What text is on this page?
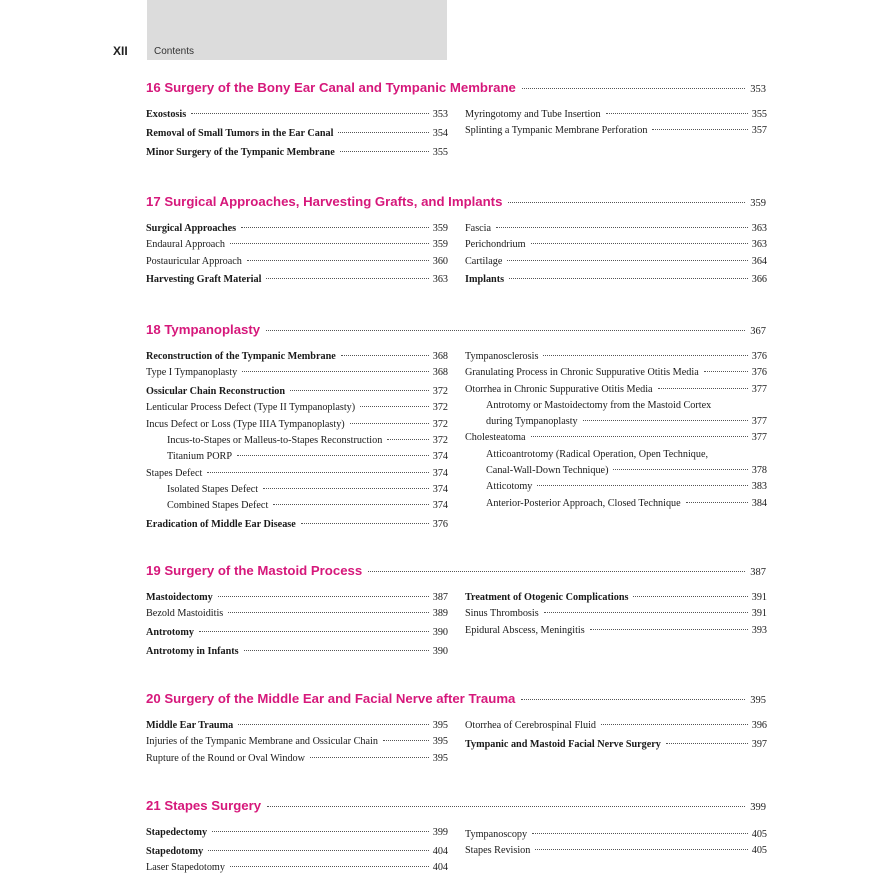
XII	Contents
16 Surgery of the Bony Ear Canal and Tympanic Membrane	353
Exostosis	353
Removal of Small Tumors in the Ear Canal	354
Minor Surgery of the Tympanic Membrane	355
Myringotomy and Tube Insertion	355
Splinting a Tympanic Membrane Perforation	357
17 Surgical Approaches, Harvesting Grafts, and Implants	359
Surgical Approaches	359
Endaural Approach	359
Postauricular Approach	360
Harvesting Graft Material	363
Fascia	363
Perichondrium	363
Cartilage	364
Implants	366
18 Tympanoplasty	367
Reconstruction of the Tympanic Membrane	368
Type I Tympanoplasty	368
Ossicular Chain Reconstruction	372
Lenticular Process Defect (Type II Tympanoplasty)	372
Incus Defect or Loss (Type IIIA Tympanoplasty)	372
Incus-to-Stapes or Malleus-to-Stapes Reconstruction	372
Titanium PORP	374
Stapes Defect	374
Isolated Stapes Defect	374
Combined Stapes Defect	374
Eradication of Middle Ear Disease	376
Tympanosclerosis	376
Granulating Process in Chronic Suppurative Otitis Media	376
Otorrhea in Chronic Suppurative Otitis Media	377
Antrotomy or Mastoidectomy from the Mastoid Cortex
during Tympanoplasty	377
Cholesteatoma	377
Atticoantrotomy (Radical Operation, Open Technique,
Canal-Wall-Down Technique)	378
Atticotomy	383
Anterior-Posterior Approach, Closed Technique	384
19 Surgery of the Mastoid Process	387
Mastoidectomy	387
Bezold Mastoiditis	389
Antrotomy	390
Antrotomy in Infants	390
Treatment of Otogenic Complications	391
Sinus Thrombosis	391
Epidural Abscess, Meningitis	393
20 Surgery of the Middle Ear and Facial Nerve after Trauma	395
Middle Ear Trauma	395
Injuries of the Tympanic Membrane and Ossicular Chain	395
Rupture of the Round or Oval Window	395
Otorrhea of Cerebrospinal Fluid	396
Tympanic and Mastoid Facial Nerve Surgery	397
21 Stapes Surgery	399
Stapedectomy	399
Stapedotomy	404
Laser Stapedotomy	404
Tympanoscopy	405
Stapes Revision	405
